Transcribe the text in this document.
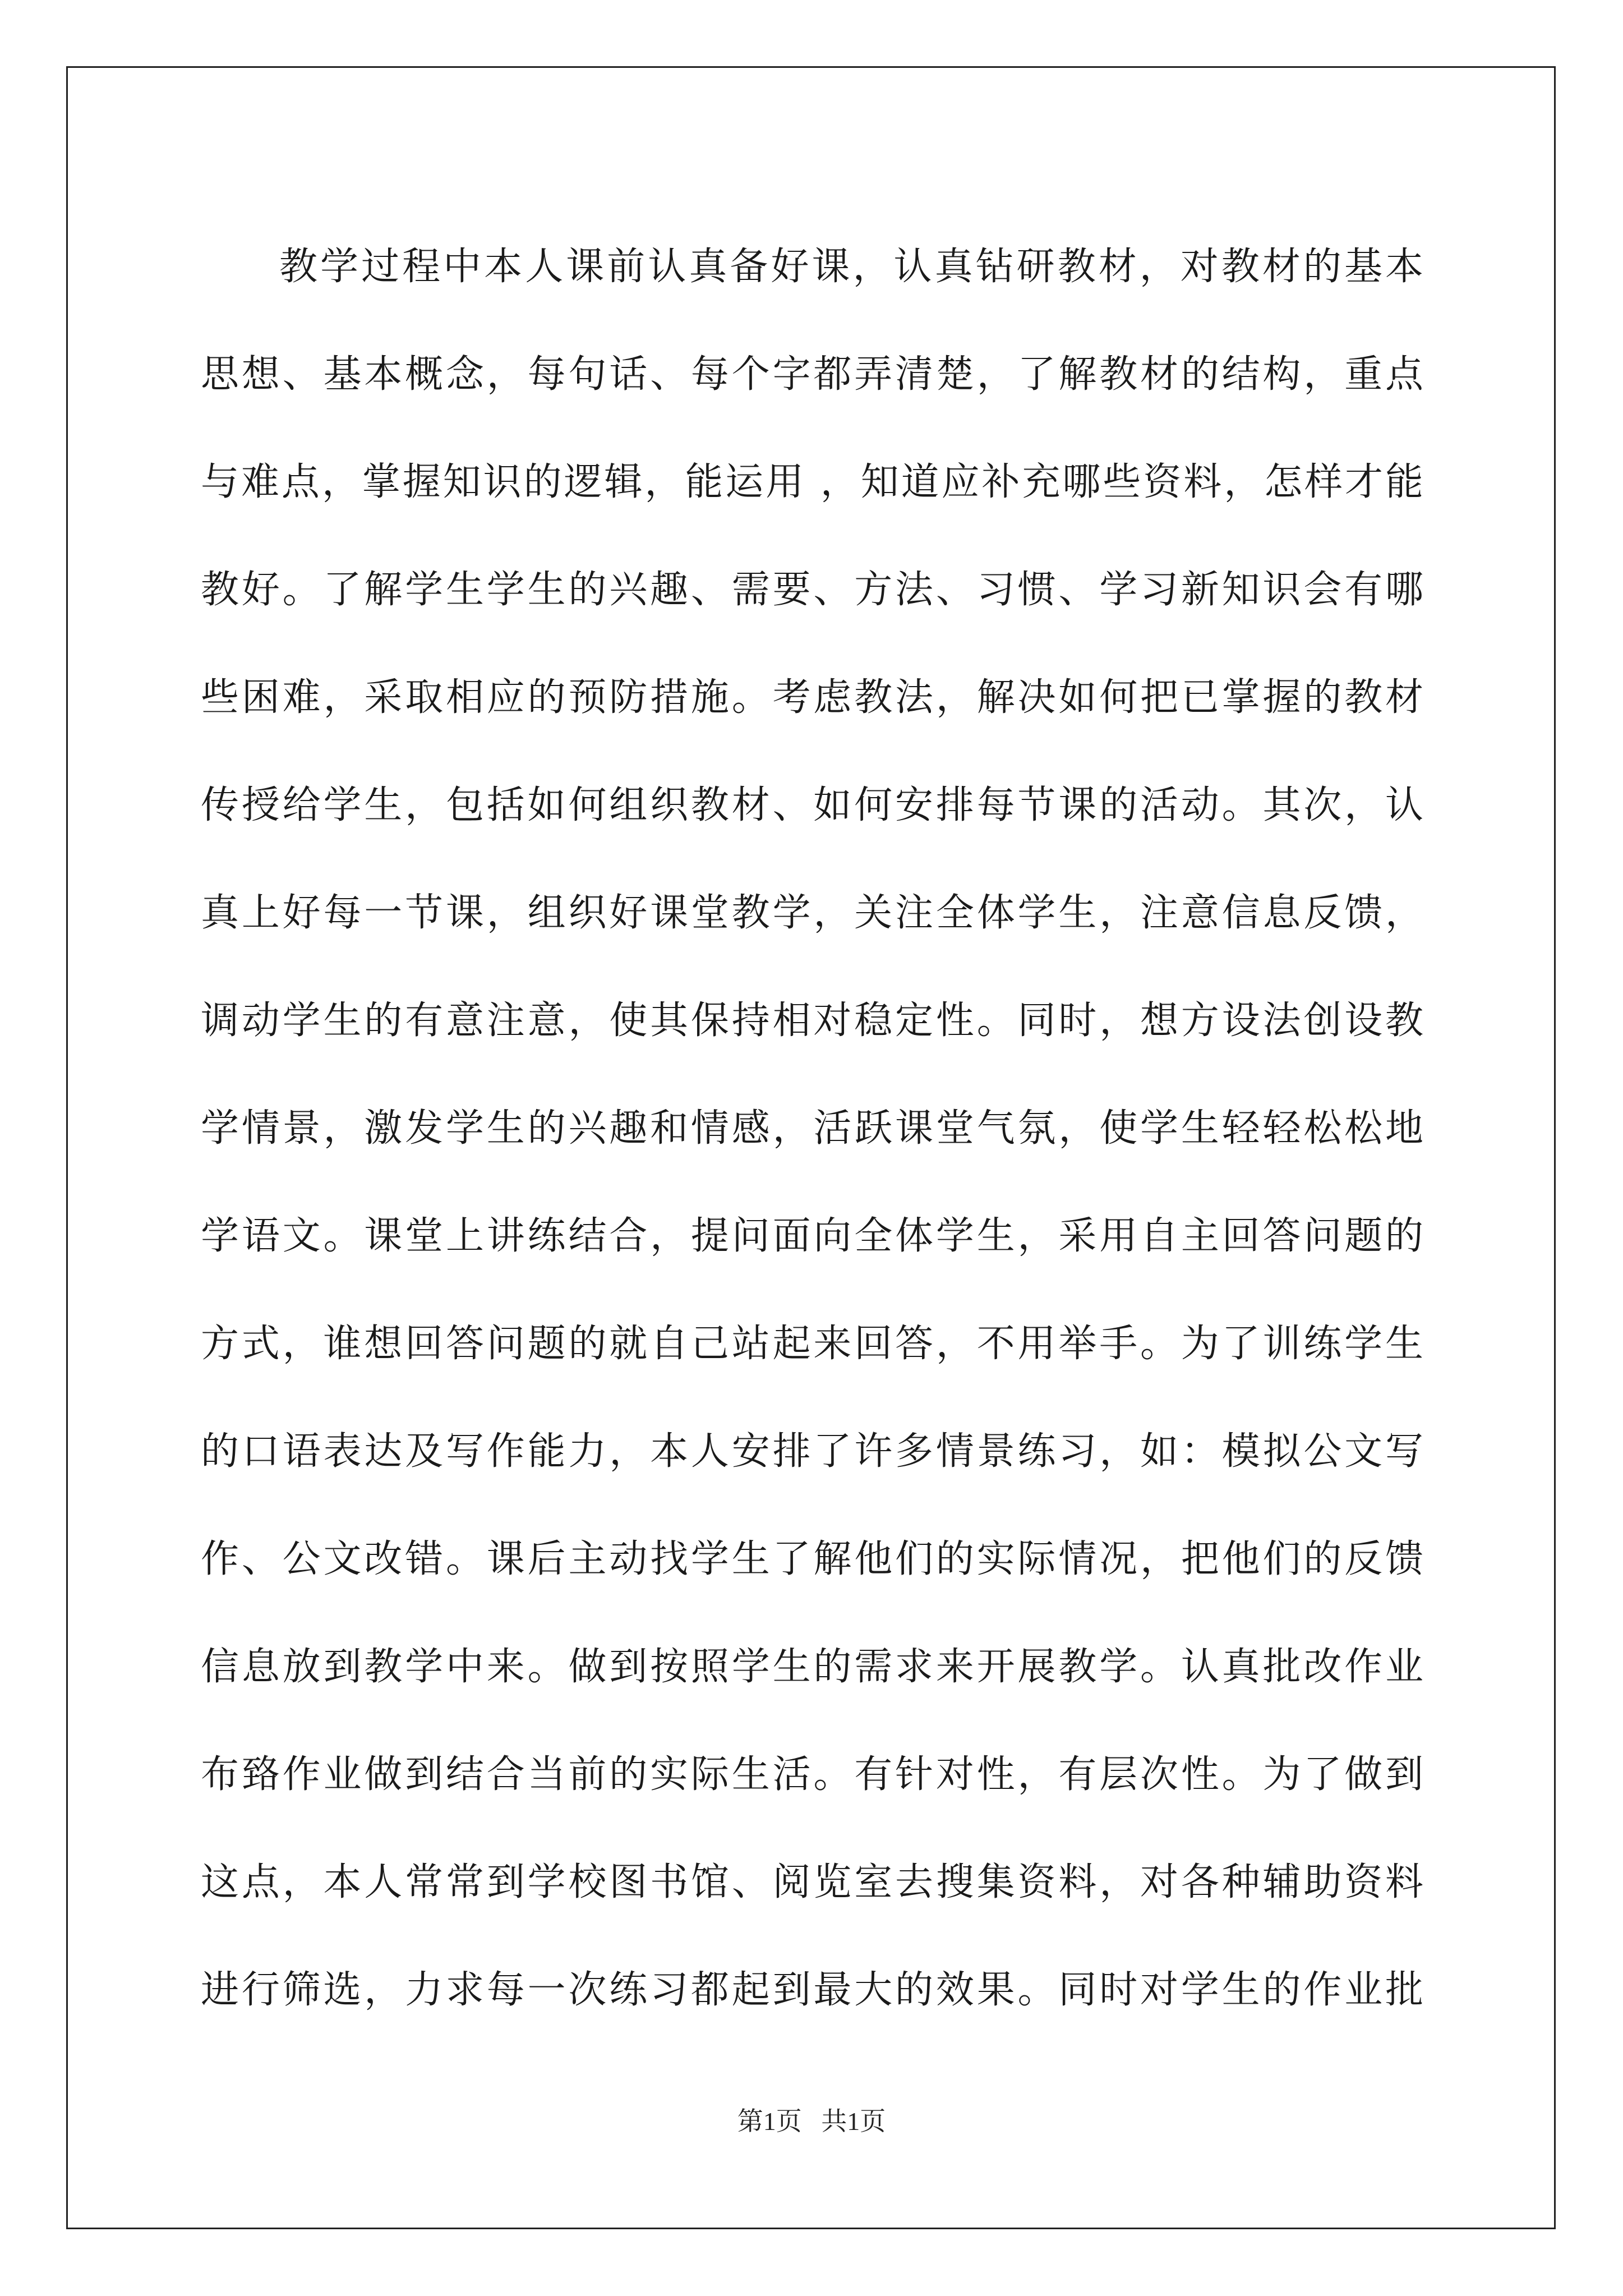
教学过程中本人课前认真备好课，认真钻研教材，对教材的基本
思想、基本概念，每句话、每个字都弄清楚，了解教材的结构，重点
与难点，掌握知识的逻辑，能运用 ，知道应补充哪些资料，怎样才能
教好。了解学生学生的兴趣、需要、方法、习惯、学习新知识会有哪
些困难，采取相应的预防措施。考虑教法，解决如何把已掌握的教材
传授给学生，包括如何组织教材、如何安排每节课的活动。其次，认
真上好每一节课，组织好课堂教学，关注全体学生，注意信息反馈，
调动学生的有意注意，使其保持相对稳定性。同时，想方设法创设教
学情景，激发学生的兴趣和情感，活跃课堂气氛，使学生轻轻松松地
学语文。课堂上讲练结合，提问面向全体学生，采用自主回答问题的
方式，谁想回答问题的就自己站起来回答，不用举手。为了训练学生
的口语表达及写作能力，本人安排了许多情景练习，如：模拟公文写
作、公文改错。课后主动找学生了解他们的实际情况，把他们的反馈
信息放到教学中来。做到按照学生的需求来开展教学。认真批改作业
布臵作业做到结合当前的实际生活。有针对性，有层次性。为了做到
这点，本人常常到学校图书馆、阅览室去搜集资料，对各种辅助资料
进行筛选，力求每一次练习都起到最大的效果。同时对学生的作业批
第1页   共1页
